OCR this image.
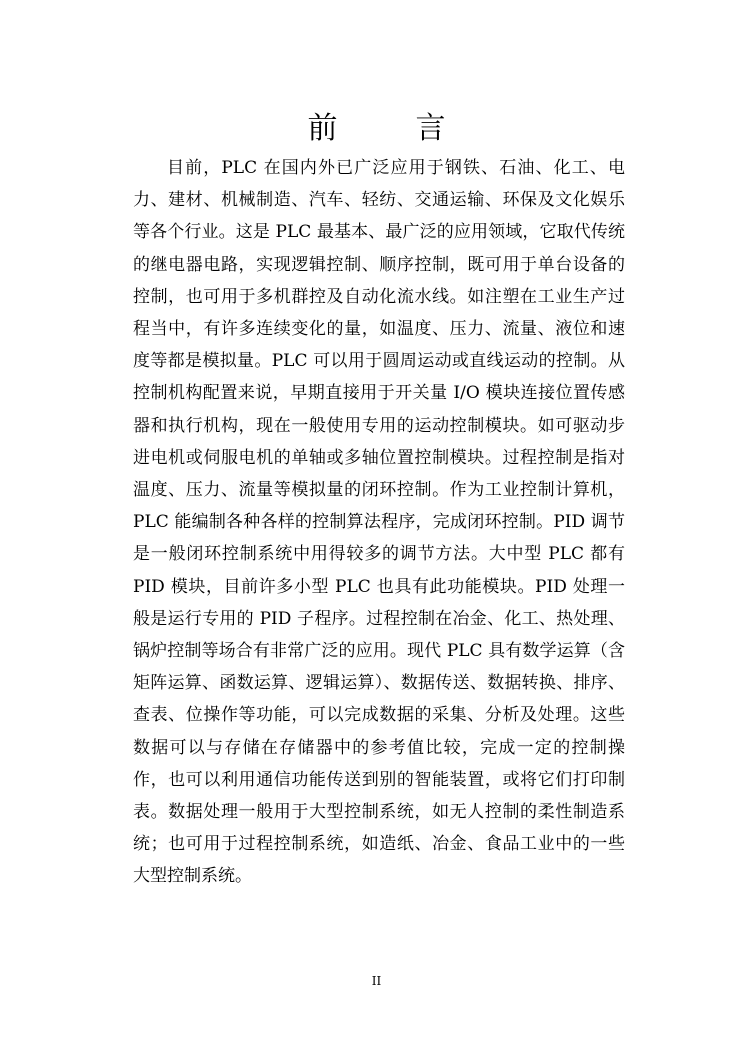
前　言

目前，PLC 在国内外已广泛应用于钢铁、石油、化工、电力、建材、机械制造、汽车、轻纺、交通运输、环保及文化娱乐等各个行业。这是 PLC 最基本、最广泛的应用领域，它取代传统的继电器电路，实现逻辑控制、顺序控制，既可用于单台设备的控制，也可用于多机群控及自动化流水线。如注塑在工业生产过程当中，有许多连续变化的量，如温度、压力、流量、液位和速度等都是模拟量。PLC 可以用于圆周运动或直线运动的控制。从控制机构配置来说，早期直接用于开关量 I/O 模块连接位置传感器和执行机构，现在一般使用专用的运动控制模块。如可驱动步进电机或伺服电机的单轴或多轴位置控制模块。过程控制是指对温度、压力、流量等模拟量的闭环控制。作为工业控制计算机，PLC 能编制各种各样的控制算法程序，完成闭环控制。PID 调节是一般闭环控制系统中用得较多的调节方法。大中型 PLC 都有 PID 模块，目前许多小型 PLC 也具有此功能模块。PID 处理一般是运行专用的 PID 子程序。过程控制在冶金、化工、热处理、锅炉控制等场合有非常广泛的应用。现代 PLC 具有数学运算（含矩阵运算、函数运算、逻辑运算）、数据传送、数据转换、排序、查表、位操作等功能，可以完成数据的采集、分析及处理。这些数据可以与存储在存储器中的参考值比较，完成一定的控制操作，也可以利用通信功能传送到别的智能装置，或将它们打印制表。数据处理一般用于大型控制系统，如无人控制的柔性制造系统；也可用于过程控制系统，如造纸、冶金、食品工业中的一些大型控制系统。

II
